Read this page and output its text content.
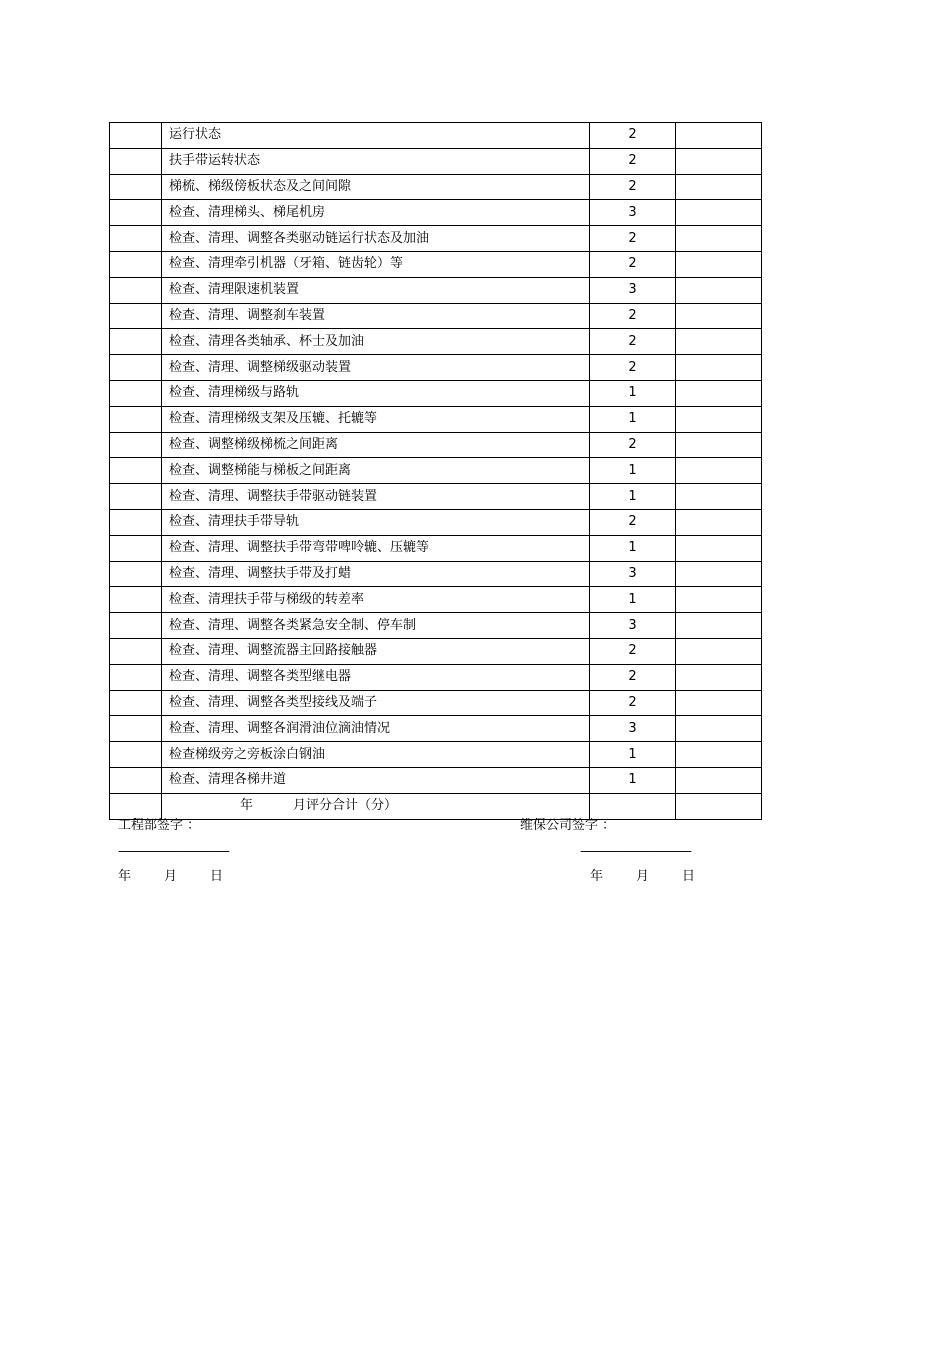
	运行状态	2	
	扶手带运转状态	2	
	梯梳、梯级傍板状态及之间间隙	2	
	检查、清理梯头、梯尾机房	3	
	检查、清理、调整各类驱动链运行状态及加油	2	
	检查、清理牵引机器（牙箱、链齿轮）等	2	
	检查、清理限速机装置	3	
	检查、清理、调整刹车装置	2	
	检查、清理各类轴承、杯士及加油	2	
	检查、清理、调整梯级驱动装置	2	
	检查、清理梯级与路轨	1	
	检查、清理梯级支架及压辘、托辘等	1	
	检查、调整梯级梯梳之间距离	2	
	检查、调整梯能与梯板之间距离	1	
	检查、清理、调整扶手带驱动链装置	1	
	检查、清理扶手带导轨	2	
	检查、清理、调整扶手带弯带啤呤辘、压辘等	1	
	检查、清理、调整扶手带及打蜡	3	
	检查、清理扶手带与梯级的转差率	1	
	检查、清理、调整各类紧急安全制、停车制	3	
	检查、清理、调整流器主回路接触器	2	
	检查、清理、调整各类型继电器	2	
	检查、清理、调整各类型接线及端子	2	
	检查、清理、调整各润滑油位滴油情况	3	
	检查梯级旁之旁板涂白钢油	1	
	检查、清理各梯井道	1	
	年 月评分合计（分）		
工程部签字 ：	维保公司签字 ：
——————————	——————————
年	月	日	年	月	日
